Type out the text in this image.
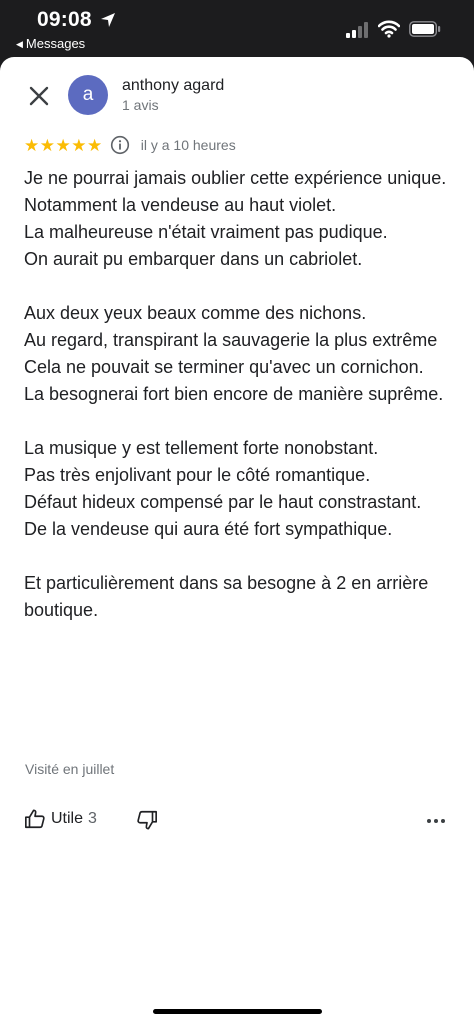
09:08
◀ Messages
a anthony agard
1 avis
★ ★ ★ ★ ★	il y a 10 heures

Je ne pourrai jamais oublier cette expérience unique.
Notamment la vendeuse au haut violet.
La malheureuse n'était vraiment pas pudique.
On aurait pu embarquer dans un cabriolet.

Aux deux yeux beaux comme des nichons.
Au regard, transpirant la sauvagerie la plus extrême
Cela ne pouvait se terminer qu'avec un cornichon.
La besognerai fort bien encore de manière suprême.

La musique y est tellement forte nonobstant.
Pas très enjolivant pour le côté romantique.
Défaut hideux compensé par le haut constrastant.
De la vendeuse qui aura été fort sympathique.

Et particulièrement dans sa besogne à 2 en arrière boutique.

Visité en juillet
Utile 3
